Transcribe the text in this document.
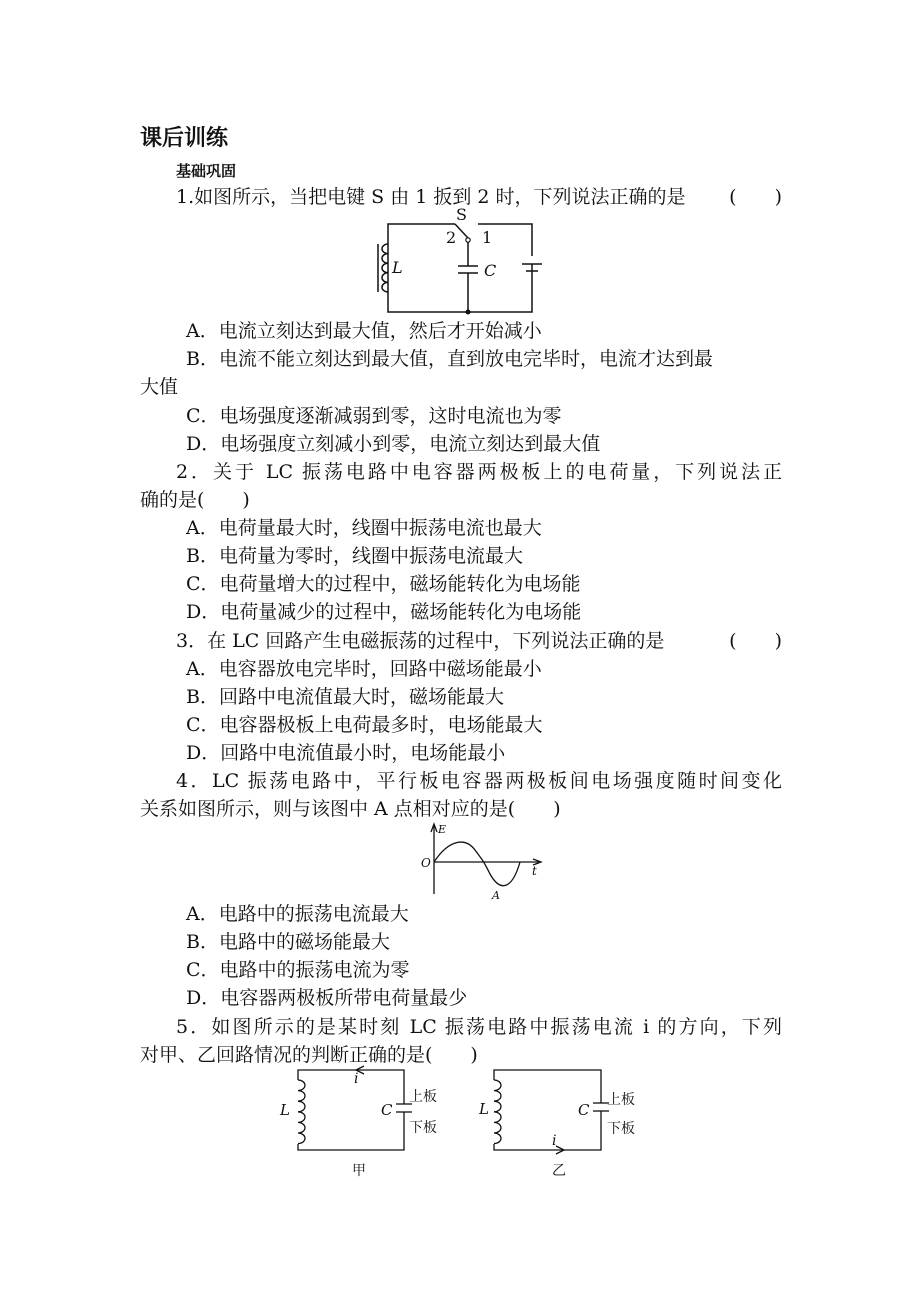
课后训练
基础巩固
1.如图所示，当把电键 S 由 1 扳到 2 时，下列说法正确的是 (　　)
S
2 1
L	C
A．电流立刻达到最大值，然后才开始减小
B．电流不能立刻达到最大值，直到放电完毕时，电流才达到最
大值
C．电场强度逐渐减弱到零，这时电流也为零
D．电场强度立刻减小到零，电流立刻达到最大值
2．关于 LC 振荡电路中电容器两极板上的电荷量，下列说法正
确的是(　　)
A．电荷量最大时，线圈中振荡电流也最大
B．电荷量为零时，线圈中振荡电流最大
C．电荷量增大的过程中，磁场能转化为电场能
D．电荷量减少的过程中，磁场能转化为电场能
3．在 LC 回路产生电磁振荡的过程中，下列说法正确的是	(　　)
A．电容器放电完毕时，回路中磁场能最小
B．回路中电流值最大时，磁场能最大
C．电容器极板上电荷最多时，电场能最大
D．回路中电流值最小时，电场能最小
4．LC 振荡电路中，平行板电容器两极板间电场强度随时间变化
关系如图所示，则与该图中 A 点相对应的是(　　)
E
t
O
A
A．电路中的振荡电流最大
B．电路中的磁场能最大
C．电路中的振荡电流为零
D．电容器两极板所带电荷量最少
5．如图所示的是某时刻 LC 振荡电路中振荡电流 i 的方向，下列
对甲、乙回路情况的判断正确的是(　　)
i
L	C
上板
下板
甲
i
L	C
上板
下板
乙
